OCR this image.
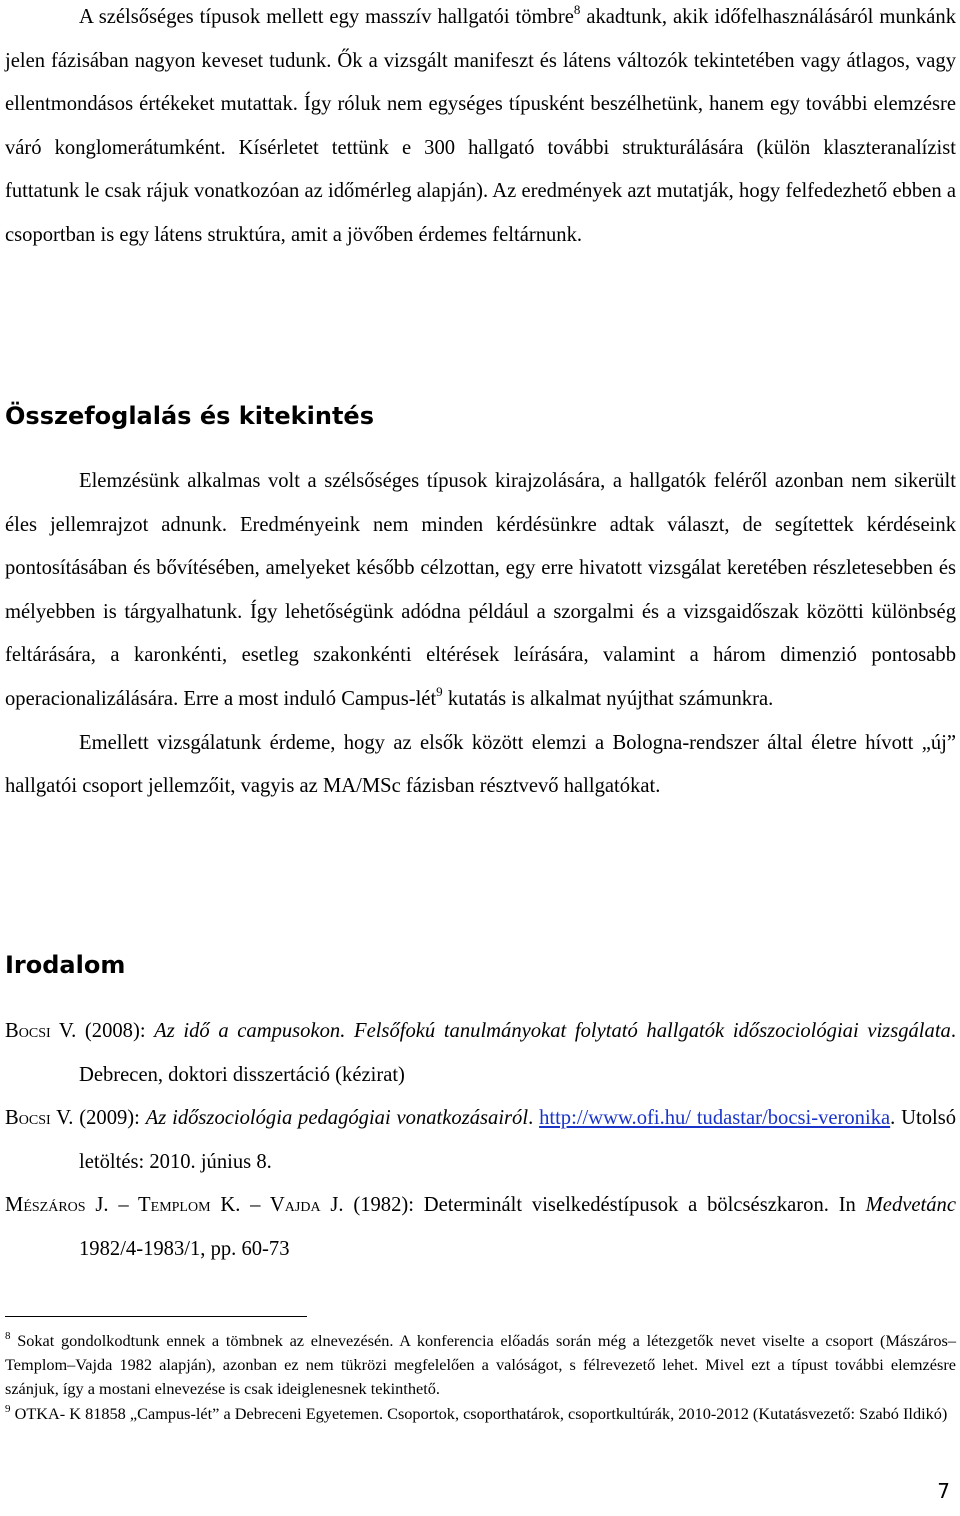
A szélsőséges típusok mellett egy masszív hallgatói tömbre$^8$ akadtunk, akik időfelhasználásáról munkánk jelen fázisában nagyon keveset tudunk. Ők a vizsgált manifeszt és látens változók tekintetében vagy átlagos, vagy ellentmondásos értékeket mutattak. Így róluk nem egységes típusként beszélhetünk, hanem egy további elemzésre váró konglomerátumként. Kísérletet tettünk e 300 hallgató további strukturálására (külön klaszteranalízist futtatunk le csak rájuk vonatkozóan az időmérleg alapján). Az eredmények azt mutatják, hogy felfedezhető ebben a csoportban is egy látens struktúra, amit a jövőben érdemes feltárnunk.

Összefoglalás és kitekintés

Elemzésünk alkalmas volt a szélsőséges típusok kirajzolására, a hallgatók feléről azonban nem sikerült éles jellemrajzot adnunk. Eredményeink nem minden kérdésünkre adtak választ, de segítettek kérdéseink pontosításában és bővítésében, amelyeket később célzottan, egy erre hivatott vizsgálat keretében részletesebben és mélyebben is tárgyalhatunk. Így lehetőségünk adódna például a szorgalmi és a vizsgaidőszak közötti különbség feltárására, a karonkénti, esetleg szakonkénti eltérések leírására, valamint a három dimenzió pontosabb operacionalizálására. Erre a most induló Campus-lét$^9$ kutatás is alkalmat nyújthat számunkra.

Emellett vizsgálatunk érdeme, hogy az elsők között elemzi a Bologna-rendszer által életre hívott „új” hallgatói csoport jellemzőit, vagyis az MA/MSc fázisban résztvevő hallgatókat.

Irodalom

Bocsi V. (2008): Az idő a campusokon. Felsőfokú tanulmányokat folytató hallgatók időszociológiai vizsgálata. Debrecen, doktori disszertáció (kézirat)

Bocsi V. (2009): Az időszociológia pedagógiai vonatkozásairól. http://www.ofi.hu/ tudastar/bocsi-veronika. Utolsó letöltés: 2010. június 8.

Mészáros J. – Templom K. – Vajda J. (1982): Determinált viselkedéstípusok a bölcsészkaron. In Medvetánc 1982/4-1983/1, pp. 60-73

$^8$ Sokat gondolkodtunk ennek a tömbnek az elnevezésén. A konferencia előadás során még a létezgetők nevet viselte a csoport (Mászáros–Templom–Vajda 1982 alapján), azonban ez nem tükrözi megfelelően a valóságot, s félrevezető lehet. Mivel ezt a típust további elemzésre szánjuk, így a mostani elnevezése is csak ideiglenesnek tekinthető.

$^9$ OTKA- K 81858 „Campus-lét” a Debreceni Egyetemen. Csoportok, csoporthatárok, csoportkultúrák, 2010-2012 (Kutatásvezető: Szabó Ildikó)

7
